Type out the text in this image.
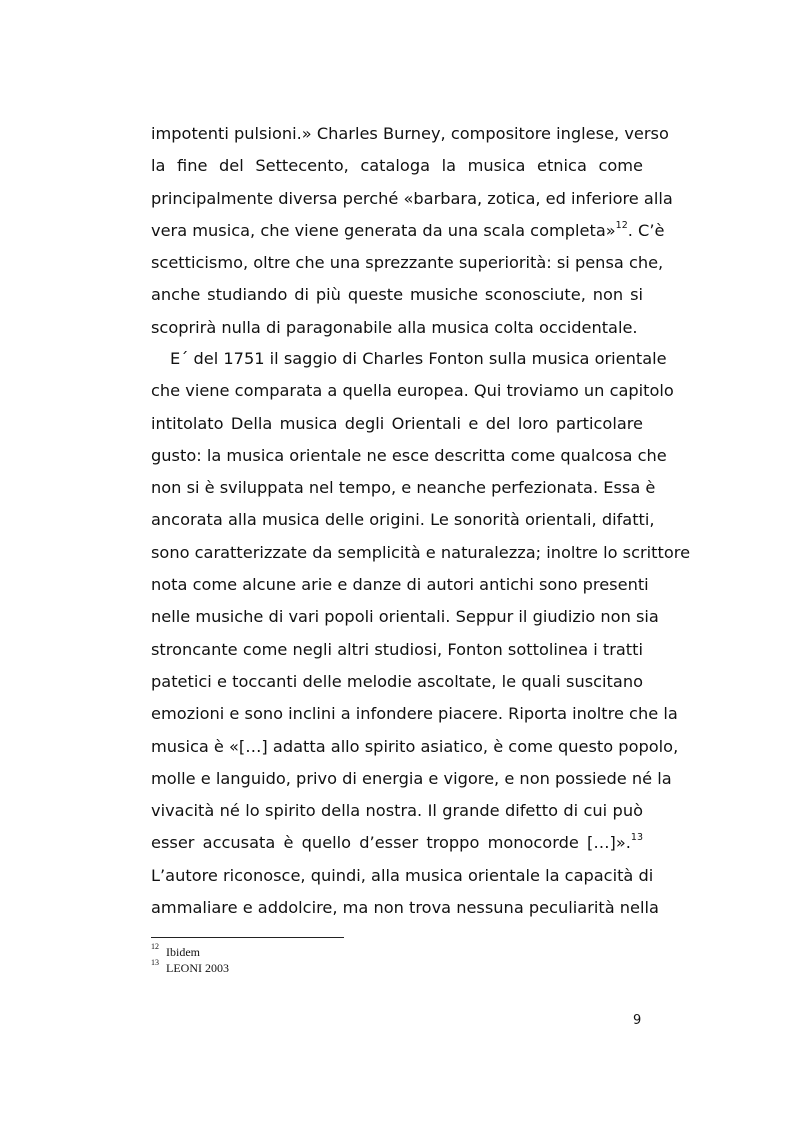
impotenti pulsioni.» Charles Burney, compositore inglese, verso
la fine del Settecento, cataloga la musica etnica come
principalmente diversa perché «barbara, zotica, ed inferiore alla
vera musica, che viene generata da una scala completa»$^{12}$. C’è
scetticismo, oltre che una sprezzante superiorità: si pensa che,
anche studiando di più queste musiche sconosciute, non si
scoprirà nulla di paragonabile alla musica colta occidentale.
E´ del 1751 il saggio di Charles Fonton sulla musica orientale
che viene comparata a quella europea. Qui troviamo un capitolo
intitolato Della musica degli Orientali e del loro particolare
gusto: la musica orientale ne esce descritta come qualcosa che
non si è sviluppata nel tempo, e neanche perfezionata. Essa è
ancorata alla musica delle origini. Le sonorità orientali, difatti,
sono caratterizzate da semplicità e naturalezza; inoltre lo scrittore
nota come alcune arie e danze di autori antichi sono presenti
nelle musiche di vari popoli orientali. Seppur il giudizio non sia
stroncante come negli altri studiosi, Fonton sottolinea i tratti
patetici e toccanti delle melodie ascoltate, le quali suscitano
emozioni e sono inclini a infondere piacere. Riporta inoltre che la
musica è «[…] adatta allo spirito asiatico, è come questo popolo,
molle e languido, privo di energia e vigore, e non possiede né la
vivacità né lo spirito della nostra. Il grande difetto di cui può
esser accusata è quello d’esser troppo monocorde […]».$^{13}$
L’autore riconosce, quindi, alla musica orientale la capacità di
ammaliare e addolcire, ma non trova nessuna peculiarità nella
$^{12}$ Ibidem
$^{13}$ LEONI 2003
9
